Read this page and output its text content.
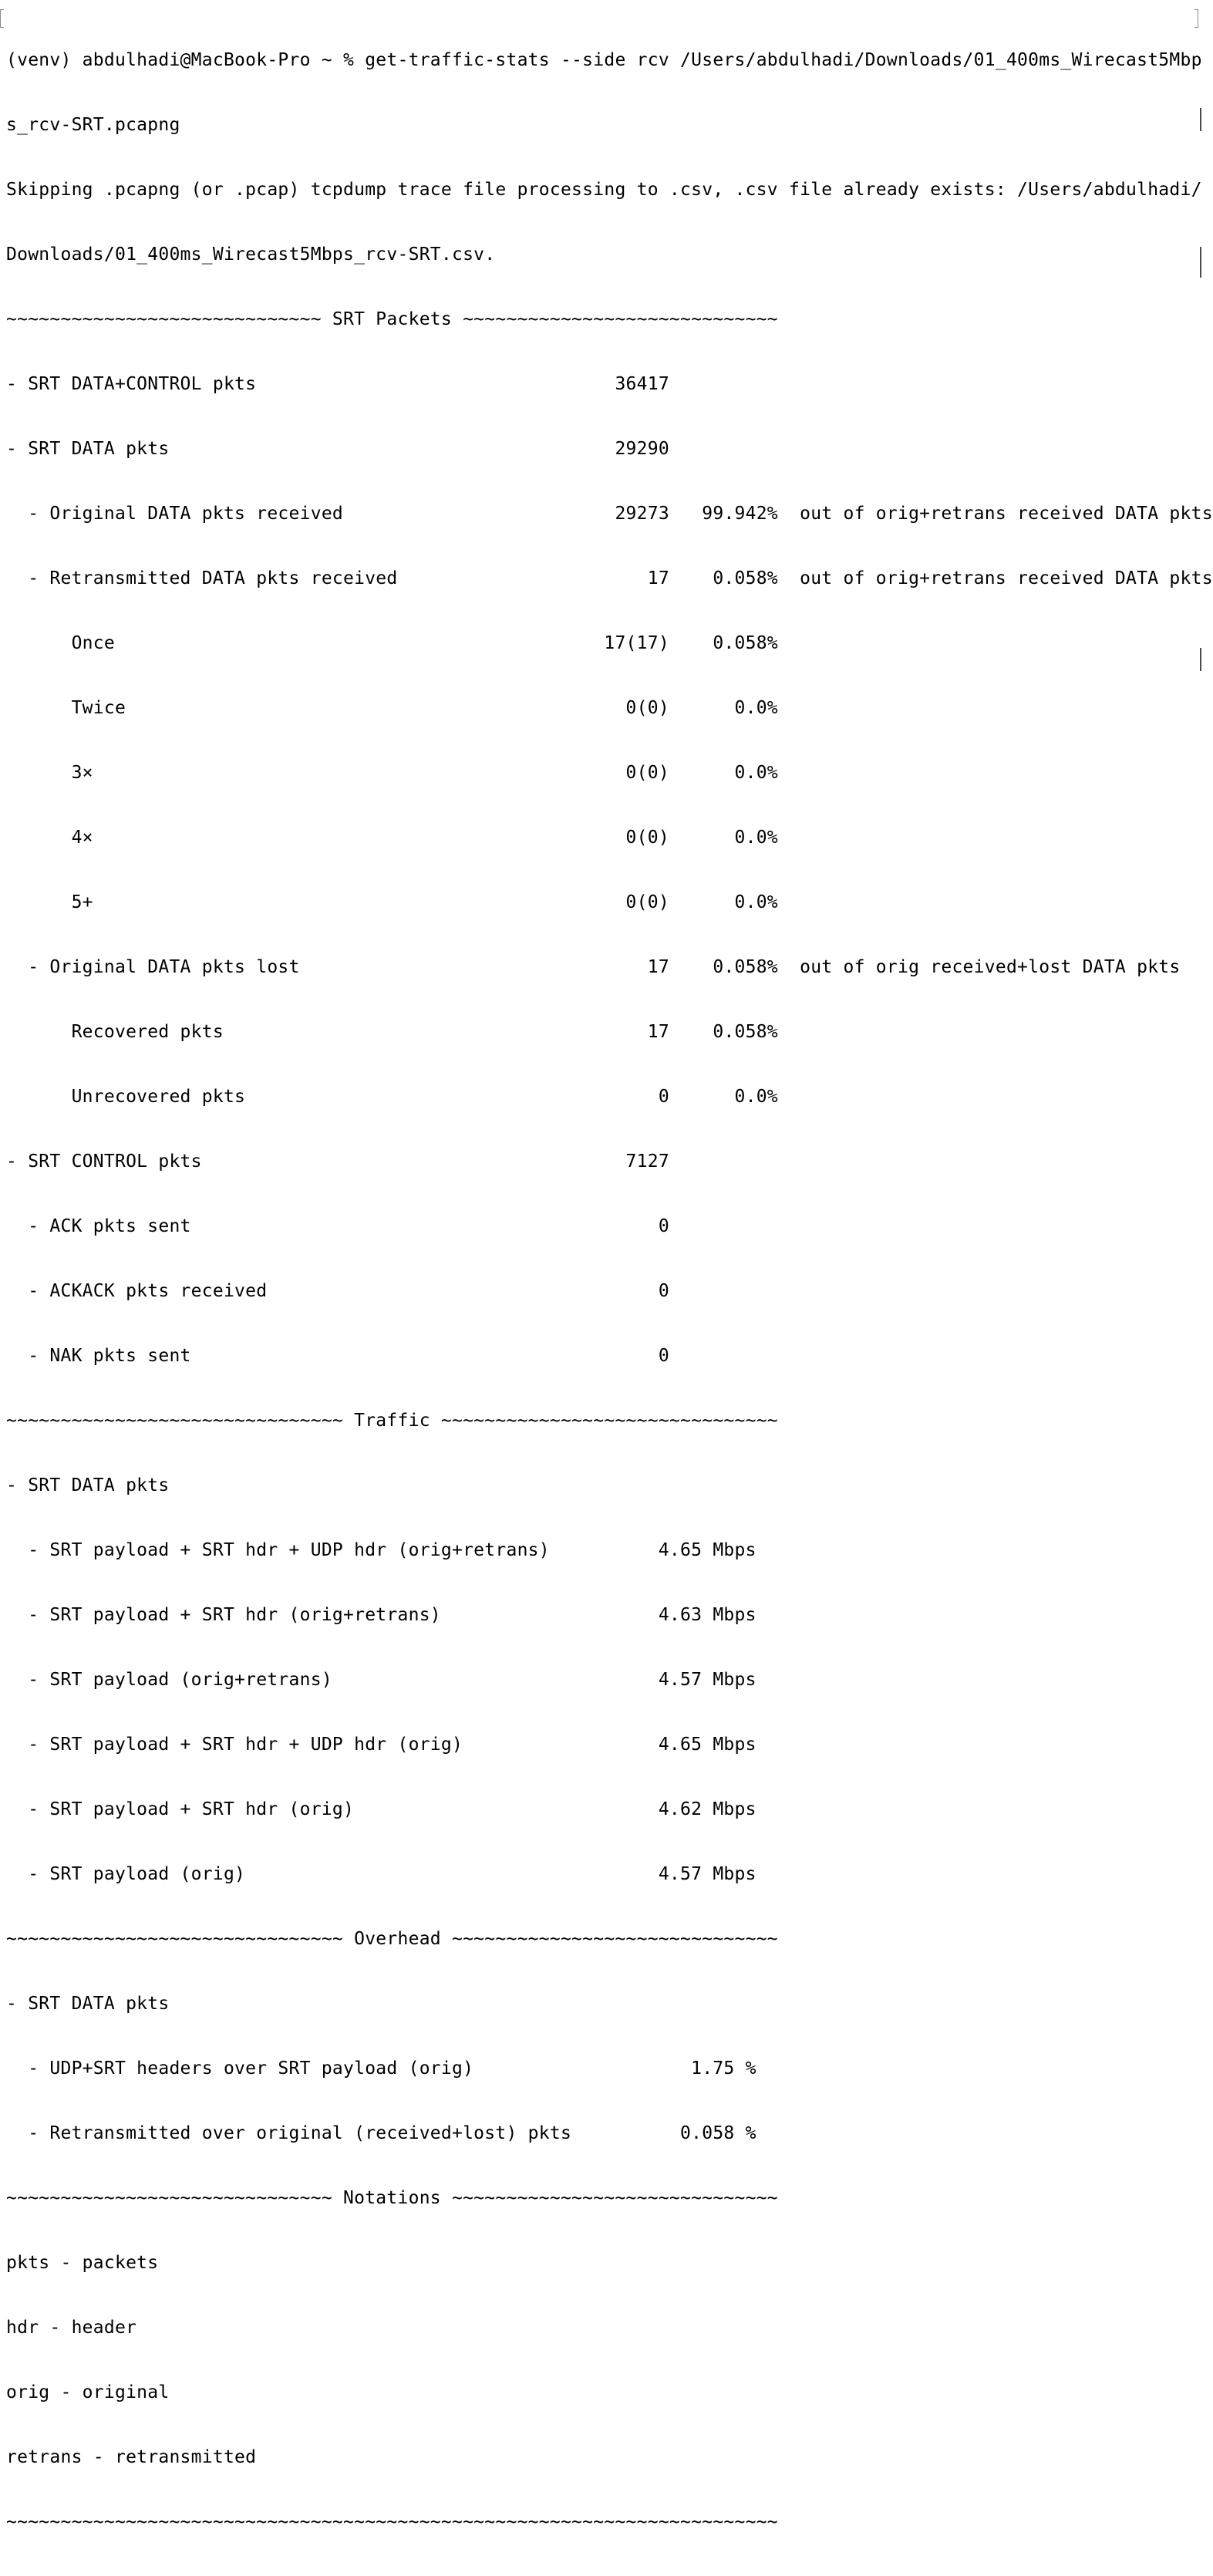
(venv) abdulhadi@MacBook-Pro ~ % get-traffic-stats --side rcv /Users/abdulhadi/Downloads/01_400ms_Wirecast5Mbp

s_rcv-SRT.pcapng

Skipping .pcapng (or .pcap) tcpdump trace file processing to .csv, .csv file already exists: /Users/abdulhadi/

Downloads/01_400ms_Wirecast5Mbps_rcv-SRT.csv.

~~~~~~~~~~~~~~~~~~~~~~~~~~~~~ SRT Packets ~~~~~~~~~~~~~~~~~~~~~~~~~~~~~

- SRT DATA+CONTROL pkts                                 36417

- SRT DATA pkts                                         29290

- Original DATA pkts received                         29273   99.942%  out of orig+retrans received DATA pkts

- Retransmitted DATA pkts received                       17    0.058%  out of orig+retrans received DATA pkts

Once                                             17(17)    0.058%

Twice                                              0(0)      0.0%

3×                                                 0(0)      0.0%

4×                                                 0(0)      0.0%

5+                                                 0(0)      0.0%

- Original DATA pkts lost                                17    0.058%  out of orig received+lost DATA pkts

Recovered pkts                                       17    0.058%

Unrecovered pkts                                      0      0.0%

- SRT CONTROL pkts                                       7127

- ACK pkts sent                                           0

- ACKACK pkts received                                    0

- NAK pkts sent                                           0

~~~~~~~~~~~~~~~~~~~~~~~~~~~~~~~ Traffic ~~~~~~~~~~~~~~~~~~~~~~~~~~~~~~~

- SRT DATA pkts

- SRT payload + SRT hdr + UDP hdr (orig+retrans)          4.65 Mbps

- SRT payload + SRT hdr (orig+retrans)                    4.63 Mbps

- SRT payload (orig+retrans)                              4.57 Mbps

- SRT payload + SRT hdr + UDP hdr (orig)                  4.65 Mbps

- SRT payload + SRT hdr (orig)                            4.62 Mbps

- SRT payload (orig)                                      4.57 Mbps

~~~~~~~~~~~~~~~~~~~~~~~~~~~~~~~ Overhead ~~~~~~~~~~~~~~~~~~~~~~~~~~~~~~

- SRT DATA pkts

- UDP+SRT headers over SRT payload (orig)                    1.75 %

- Retransmitted over original (received+lost) pkts          0.058 %

~~~~~~~~~~~~~~~~~~~~~~~~~~~~~~ Notations ~~~~~~~~~~~~~~~~~~~~~~~~~~~~~~

pkts - packets

hdr - header

orig - original

retrans - retransmitted

~~~~~~~~~~~~~~~~~~~~~~~~~~~~~~~~~~~~~~~~~~~~~~~~~~~~~~~~~~~~~~~~~~~~~~~
